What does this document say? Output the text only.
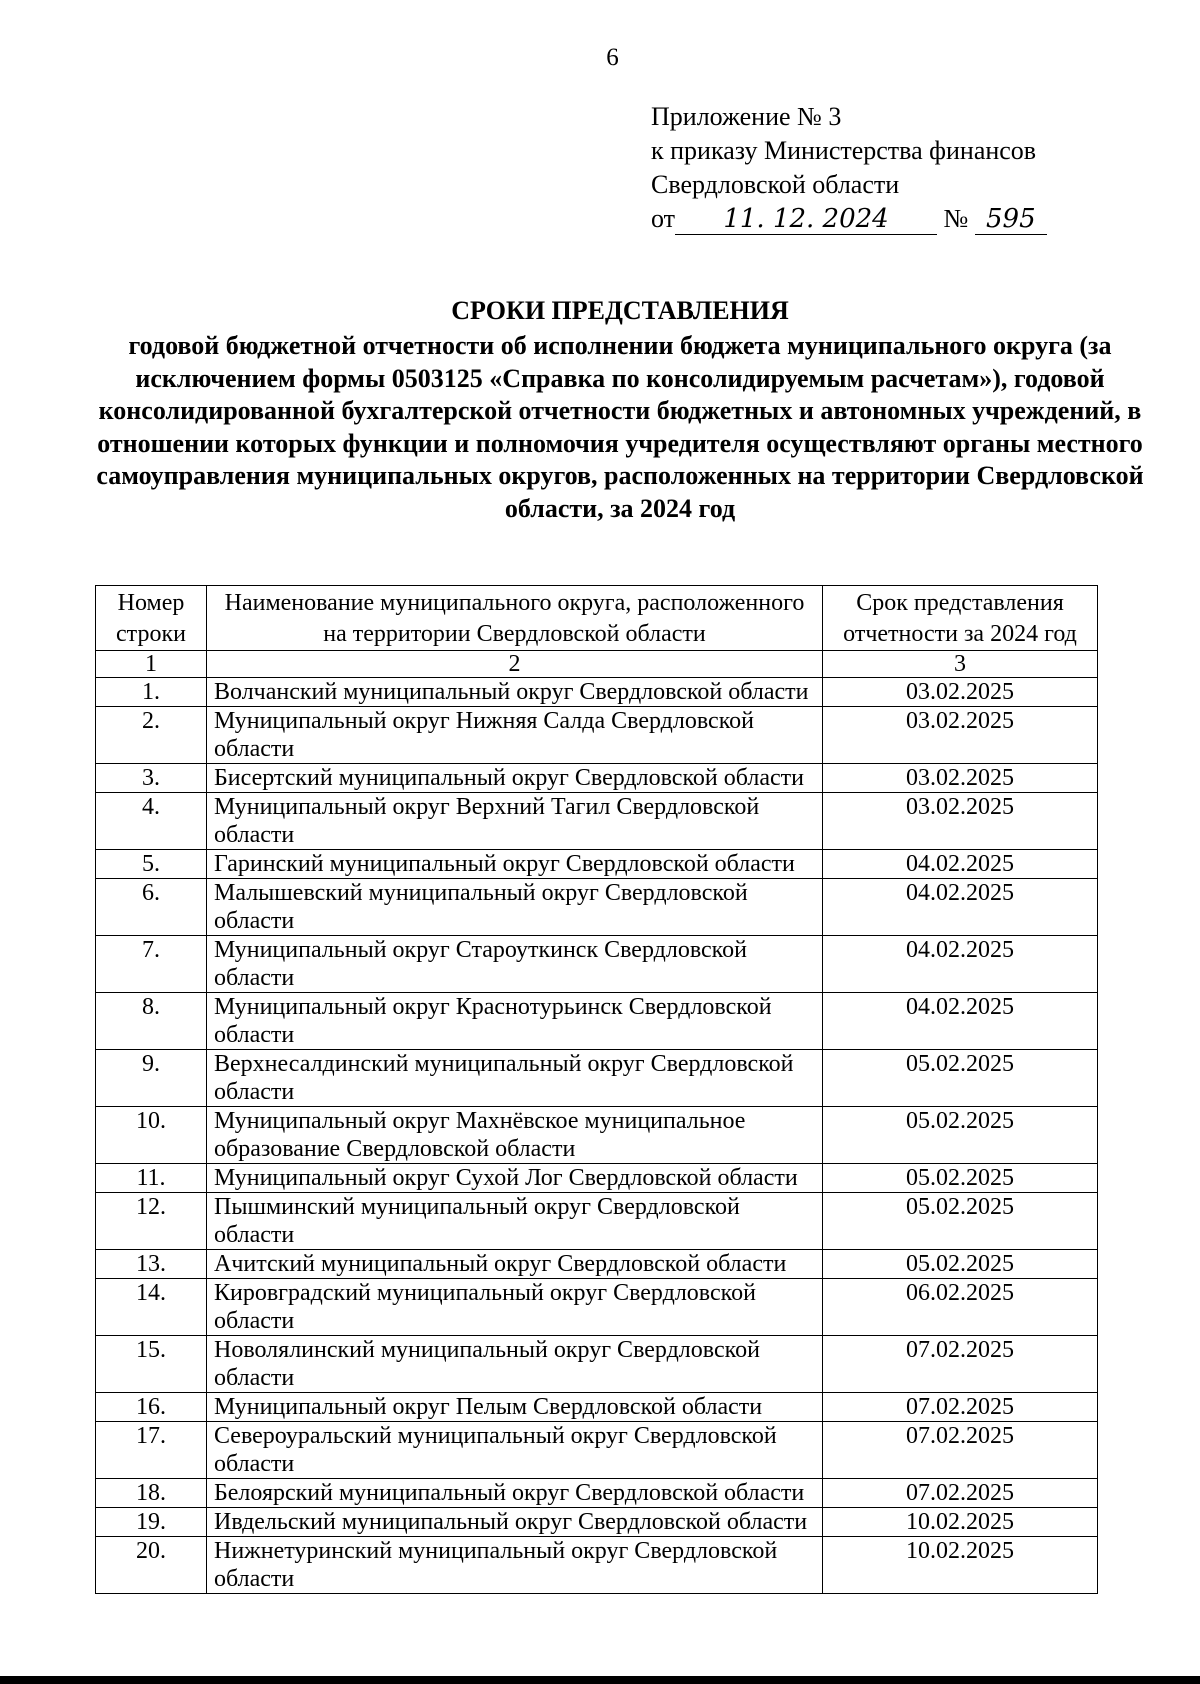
6
Приложение № 3
к приказу Министерства финансов
Свердловской области
от 11. 12. 2024 № 595
СРОКИ ПРЕДСТАВЛЕНИЯ
годовой бюджетной отчетности об исполнении бюджета муниципального округа (за исключением формы 0503125 «Справка по консолидируемым расчетам»), годовой консолидированной бухгалтерской отчетности бюджетных и автономных учреждений, в отношении которых функции и полномочия учредителя осуществляют органы местного самоуправления муниципальных округов, расположенных на территории Свердловской области, за 2024 год
Номер строки	Наименование муниципального округа, расположенного на территории Свердловской области	Срок представления отчетности за 2024 год
1	2	3
1.	Волчанский муниципальный округ Свердловской области	03.02.2025
2.	Муниципальный округ Нижняя Салда Свердловской области	03.02.2025
3.	Бисертский муниципальный округ Свердловской области	03.02.2025
4.	Муниципальный округ Верхний Тагил Свердловской области	03.02.2025
5.	Гаринский муниципальный округ Свердловской области	04.02.2025
6.	Малышевский муниципальный округ Свердловской области	04.02.2025
7.	Муниципальный округ Староуткинск Свердловской области	04.02.2025
8.	Муниципальный округ Краснотурьинск Свердловской области	04.02.2025
9.	Верхнесалдинский муниципальный округ Свердловской области	05.02.2025
10.	Муниципальный округ Махнёвское муниципальное образование Свердловской области	05.02.2025
11.	Муниципальный округ Сухой Лог Свердловской области	05.02.2025
12.	Пышминский муниципальный округ Свердловской области	05.02.2025
13.	Ачитский муниципальный округ Свердловской области	05.02.2025
14.	Кировградский муниципальный округ Свердловской области	06.02.2025
15.	Новолялинский муниципальный округ Свердловской области	07.02.2025
16.	Муниципальный округ Пелым Свердловской области	07.02.2025
17.	Североуральский муниципальный округ Свердловской области	07.02.2025
18.	Белоярский муниципальный округ Свердловской области	07.02.2025
19.	Ивдельский муниципальный округ Свердловской области	10.02.2025
20.	Нижнетуринский муниципальный округ Свердловской области	10.02.2025
